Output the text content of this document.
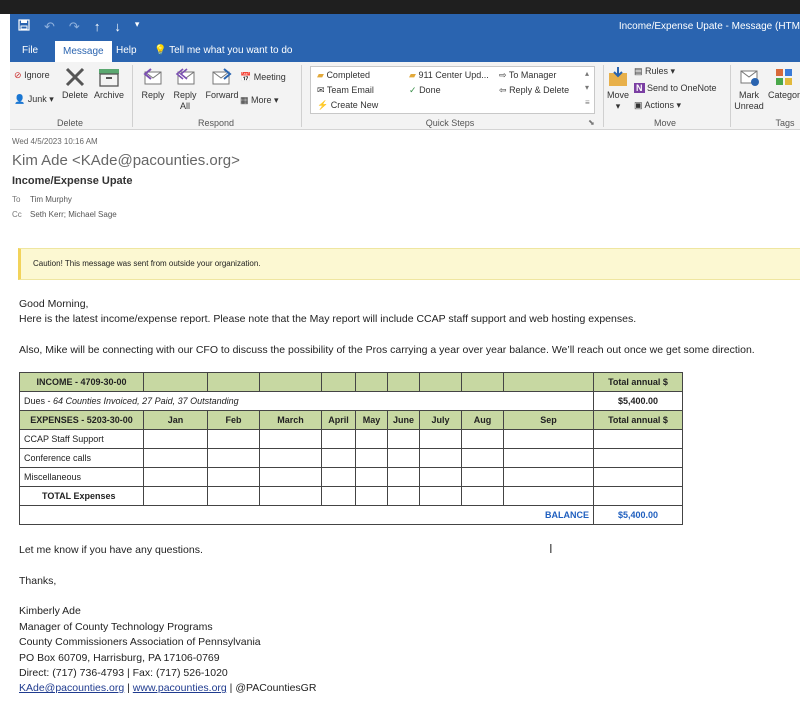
↶ ↷ ↑ ↓ ▾	Income/Expense Upate - Message (HTM
File	Message	Help	💡 Tell me what you want to do
⊘ Ignore
👤 Junk ▾ Delete Archive
Delete
Reply Reply
All
Forward
📅 Meeting
▦ More ▾
Respond
▰ Completed
✉ Team Email
⚡ Create New
▰ 911 Center Upd...
✓ Done
⇨ To Manager
⇦ Reply & Delete
▴
▾
≡
Quick Steps	⬊
Move
▾
▤ Rules ▾
N Send to OneNote
▣ Actions ▾
Move
Mark
Unread
Categor
Tags
Wed 4/5/2023 10:16 AM
Kim Ade <KAde@pacounties.org>
Income/Expense Upate
To Tim Murphy
Cc Seth Kerr; Michael Sage
Caution! This message was sent from outside your organization.
Good Morning,
Here is the latest income/expense report. Please note that the May report will include CCAP staff support and web hosting expenses.
Also, Mike will be connecting with our CFO to discuss the possibility of the Pros carrying a year over year balance. We’ll reach out once we get some direction.
INCOME - 4709-30-00										Total annual $
Dues - 64 Counties Invoiced, 27 Paid, 37 Outstanding										$5,400.00
EXPENSES - 5203-30-00	Jan	Feb	March	April	May	June	July	Aug	Sep	Total annual $
CCAP Staff Support										
Conference calls										
Miscellaneous										
TOTAL Expenses										
BALANCE										$5,400.00
Let me know if you have any questions.	I
Thanks,
Kimberly Ade
Manager of County Technology Programs
County Commissioners Association of Pennsylvania
PO Box 60709, Harrisburg, PA 17106-0769
Direct: (717) 736-4793 | Fax: (717) 526-1020
KAde@pacounties.org | www.pacounties.org | @PACountiesGR
